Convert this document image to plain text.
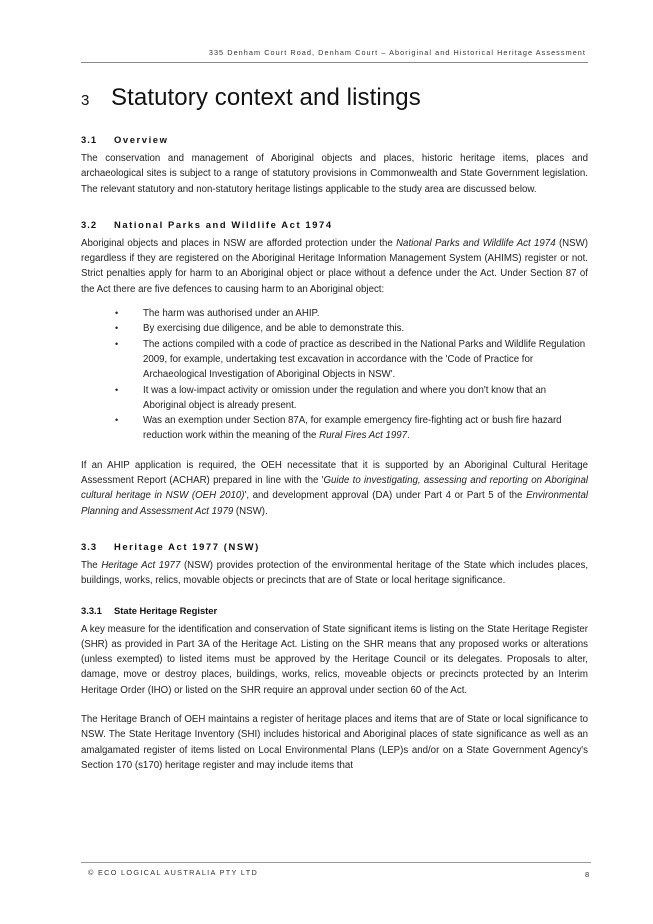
335 Denham Court Road, Denham Court – Aboriginal and Historical Heritage Assessment
3 Statutory context and listings
3.1	Overview

The conservation and management of Aboriginal objects and places, historic heritage items, places and archaeological sites is subject to a range of statutory provisions in Commonwealth and State Government legislation. The relevant statutory and non-statutory heritage listings applicable to the study area are discussed below.

3.2	National Parks and Wildlife Act 1974

Aboriginal objects and places in NSW are afforded protection under the National Parks and Wildlife Act 1974 (NSW) regardless if they are registered on the Aboriginal Heritage Information Management System (AHIMS) register or not. Strict penalties apply for harm to an Aboriginal object or place without a defence under the Act. Under Section 87 of the Act there are five defences to causing harm to an Aboriginal object:

•	The harm was authorised under an AHIP.
•	By exercising due diligence, and be able to demonstrate this.
•	The actions compiled with a code of practice as described in the National Parks and Wildlife Regulation 2009, for example, undertaking test excavation in accordance with the 'Code of Practice for Archaeological Investigation of Aboriginal Objects in NSW'.
•	It was a low-impact activity or omission under the regulation and where you don't know that an Aboriginal object is already present.
•	Was an exemption under Section 87A, for example emergency fire-fighting act or bush fire hazard reduction work within the meaning of the Rural Fires Act 1997.

If an AHIP application is required, the OEH necessitate that it is supported by an Aboriginal Cultural Heritage Assessment Report (ACHAR) prepared in line with the 'Guide to investigating, assessing and reporting on Aboriginal cultural heritage in NSW (OEH 2010)', and development approval (DA) under Part 4 or Part 5 of the Environmental Planning and Assessment Act 1979 (NSW).

3.3	Heritage Act 1977 (NSW)

The Heritage Act 1977 (NSW) provides protection of the environmental heritage of the State which includes places, buildings, works, relics, movable objects or precincts that are of State or local heritage significance.

3.3.1	State Heritage Register

A key measure for the identification and conservation of State significant items is listing on the State Heritage Register (SHR) as provided in Part 3A of the Heritage Act. Listing on the SHR means that any proposed works or alterations (unless exempted) to listed items must be approved by the Heritage Council or its delegates. Proposals to alter, damage, move or destroy places, buildings, works, relics, moveable objects or precincts protected by an Interim Heritage Order (IHO) or listed on the SHR require an approval under section 60 of the Act.

The Heritage Branch of OEH maintains a register of heritage places and items that are of State or local significance to NSW. The State Heritage Inventory (SHI) includes historical and Aboriginal places of state significance as well as an amalgamated register of items listed on Local Environmental Plans (LEP)s and/or on a State Government Agency's Section 170 (s170) heritage register and may include items that

© ECO LOGICAL AUSTRALIA PTY LTD	8
